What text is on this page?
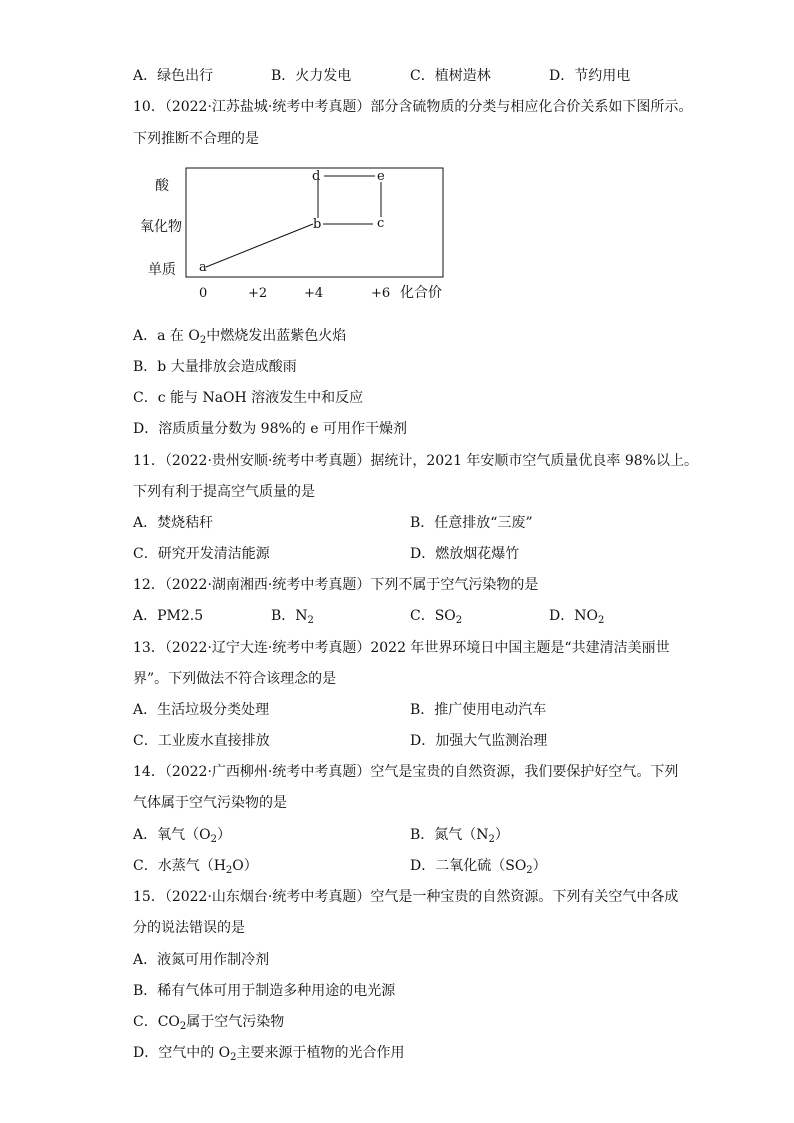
A．绿色出行	B．火力发电	C．植树造林	D．节约用电
10．（2022·江苏盐城·统考中考真题）部分含硫物质的分类与相应化合价关系如下图所示。
下列推断不合理的是
酸
氧化物
单质
0	+2	+4	+6 化合价
a
b	c
d	e
A．a 在 $O_2$中燃烧发出蓝紫色火焰
B．b 大量排放会造成酸雨
C．c 能与 NaOH 溶液发生中和反应
D．溶质质量分数为 98%的 e 可用作干燥剂
11．（2022·贵州安顺·统考中考真题）据统计，2021 年安顺市空气质量优良率 98%以上。
下列有利于提高空气质量的是
A．焚烧秸秆	B．任意排放“三废”
C．研究开发清洁能源	D．燃放烟花爆竹
12．（2022·湖南湘西·统考中考真题）下列不属于空气污染物的是
A．PM2.5	B．$N_2$	C．$SO_2$	D．$NO_2$
13．（2022·辽宁大连·统考中考真题）2022 年世界环境日中国主题是“共建清洁美丽世
界”。下列做法不符合该理念的是
A．生活垃圾分类处理	B．推广使用电动汽车
C．工业废水直接排放	D．加强大气监测治理
14．（2022·广西柳州·统考中考真题）空气是宝贵的自然资源，我们要保护好空气。下列
气体属于空气污染物的是
A．氧气$(O_2)$	B．氮气$(N_2)$
C．水蒸气$(H_2O)$	D．二氧化硫$(SO_2)$
15．（2022·山东烟台·统考中考真题）空气是一种宝贵的自然资源。下列有关空气中各成
分的说法错误的是
A．液氮可用作制冷剂
B．稀有气体可用于制造多种用途的电光源
C．$CO_2$属于空气污染物
D．空气中的 $O_2$主要来源于植物的光合作用
